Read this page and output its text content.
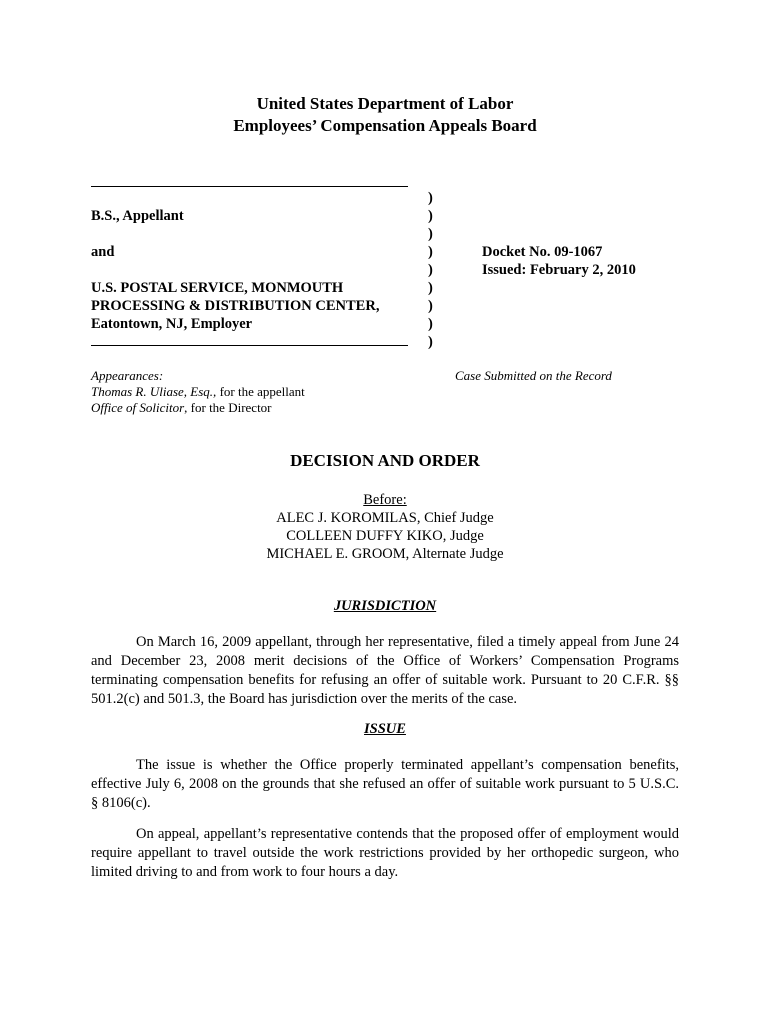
United States Department of Labor
Employees’ Compensation Appeals Board
B.S., Appellant
and
U.S. POSTAL SERVICE, MONMOUTH
PROCESSING & DISTRIBUTION CENTER,
Eatontown, NJ, Employer
)
)
)
)
)
)
)
)
)
Docket No. 09-1067
Issued: February 2, 2010
Appearances:
Thomas R. Uliase, Esq., for the appellant
Office of Solicitor, for the Director
Case Submitted on the Record
DECISION AND ORDER
Before:
ALEC J. KOROMILAS, Chief Judge
COLLEEN DUFFY KIKO, Judge
MICHAEL E. GROOM, Alternate Judge
JURISDICTION
On March 16, 2009 appellant, through her representative, filed a timely appeal from June 24 and December 23, 2008 merit decisions of the Office of Workers’ Compensation Programs terminating compensation benefits for refusing an offer of suitable work. Pursuant to 20 C.F.R. §§ 501.2(c) and 501.3, the Board has jurisdiction over the merits of the case.
ISSUE
The issue is whether the Office properly terminated appellant’s compensation benefits, effective July 6, 2008 on the grounds that she refused an offer of suitable work pursuant to 5 U.S.C. § 8106(c).
On appeal, appellant’s representative contends that the proposed offer of employment would require appellant to travel outside the work restrictions provided by her orthopedic surgeon, who limited driving to and from work to four hours a day.
